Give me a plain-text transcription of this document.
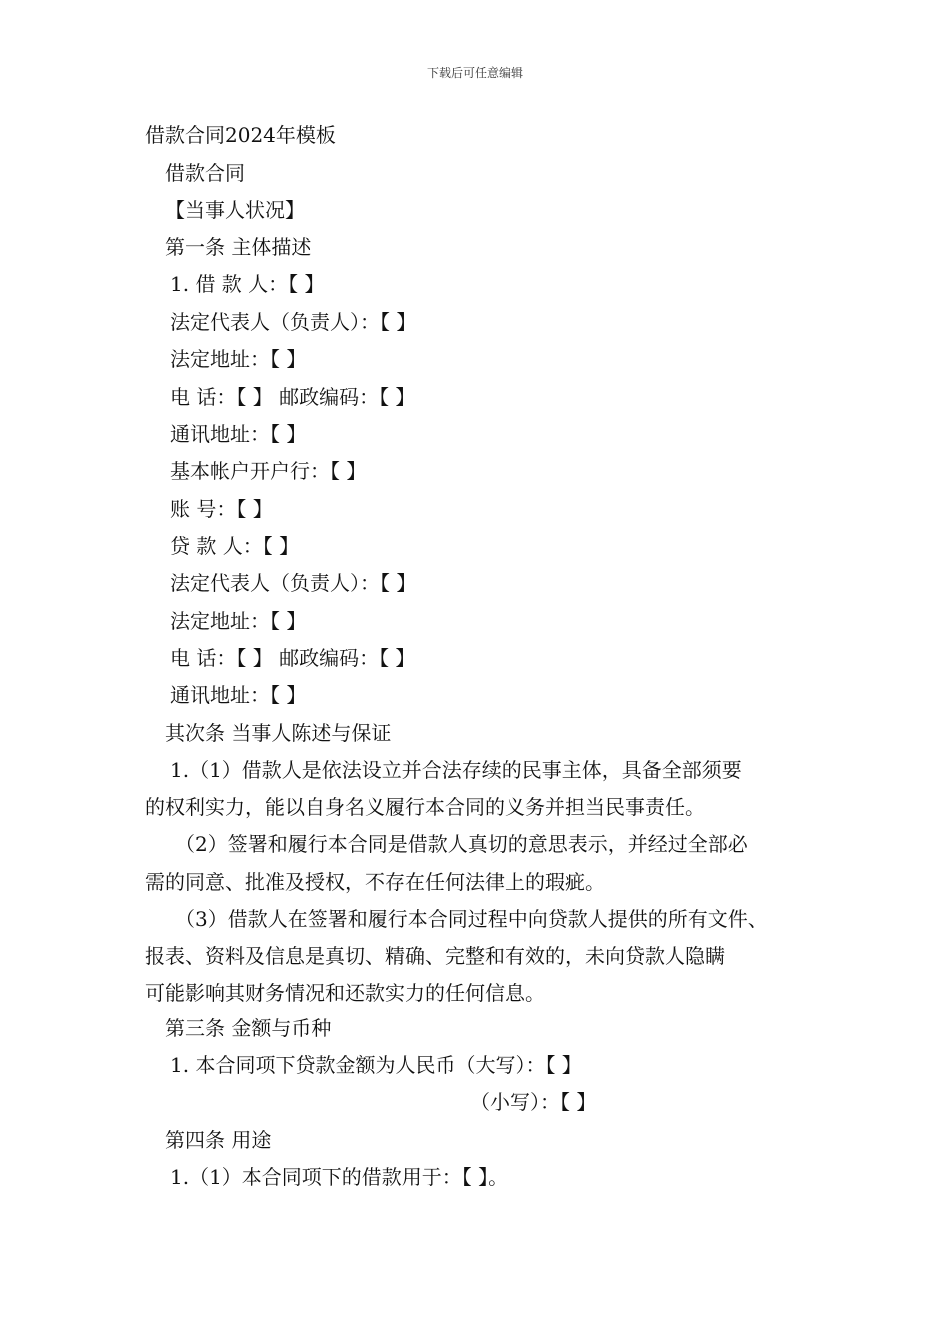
下载后可任意编辑
借款合同2024年模板
借款合同
【当事人状况】
第一条 主体描述
1. 借 款 人：【 】
法定代表人（负责人）：【 】
法定地址：【 】
电 话：【 】 邮政编码：【 】
通讯地址：【 】
基本帐户开户行：【 】
账 号：【 】
贷 款 人：【 】
法定代表人（负责人）：【 】
法定地址：【 】
电 话：【 】 邮政编码：【 】
通讯地址：【 】
其次条 当事人陈述与保证
1.（1）借款人是依法设立并合法存续的民事主体，具备全部须要
的权利实力，能以自身名义履行本合同的义务并担当民事责任。
（2）签署和履行本合同是借款人真切的意思表示，并经过全部必
需的同意、批准及授权，不存在任何法律上的瑕疵。
（3）借款人在签署和履行本合同过程中向贷款人提供的所有文件、
报表、资料及信息是真切、精确、完整和有效的，未向贷款人隐瞒
可能影响其财务情况和还款实力的任何信息。
第三条 金额与币种
1. 本合同项下贷款金额为人民币（大写）：【 】
（小写）：【 】
第四条 用途
1.（1）本合同项下的借款用于：【 】。
